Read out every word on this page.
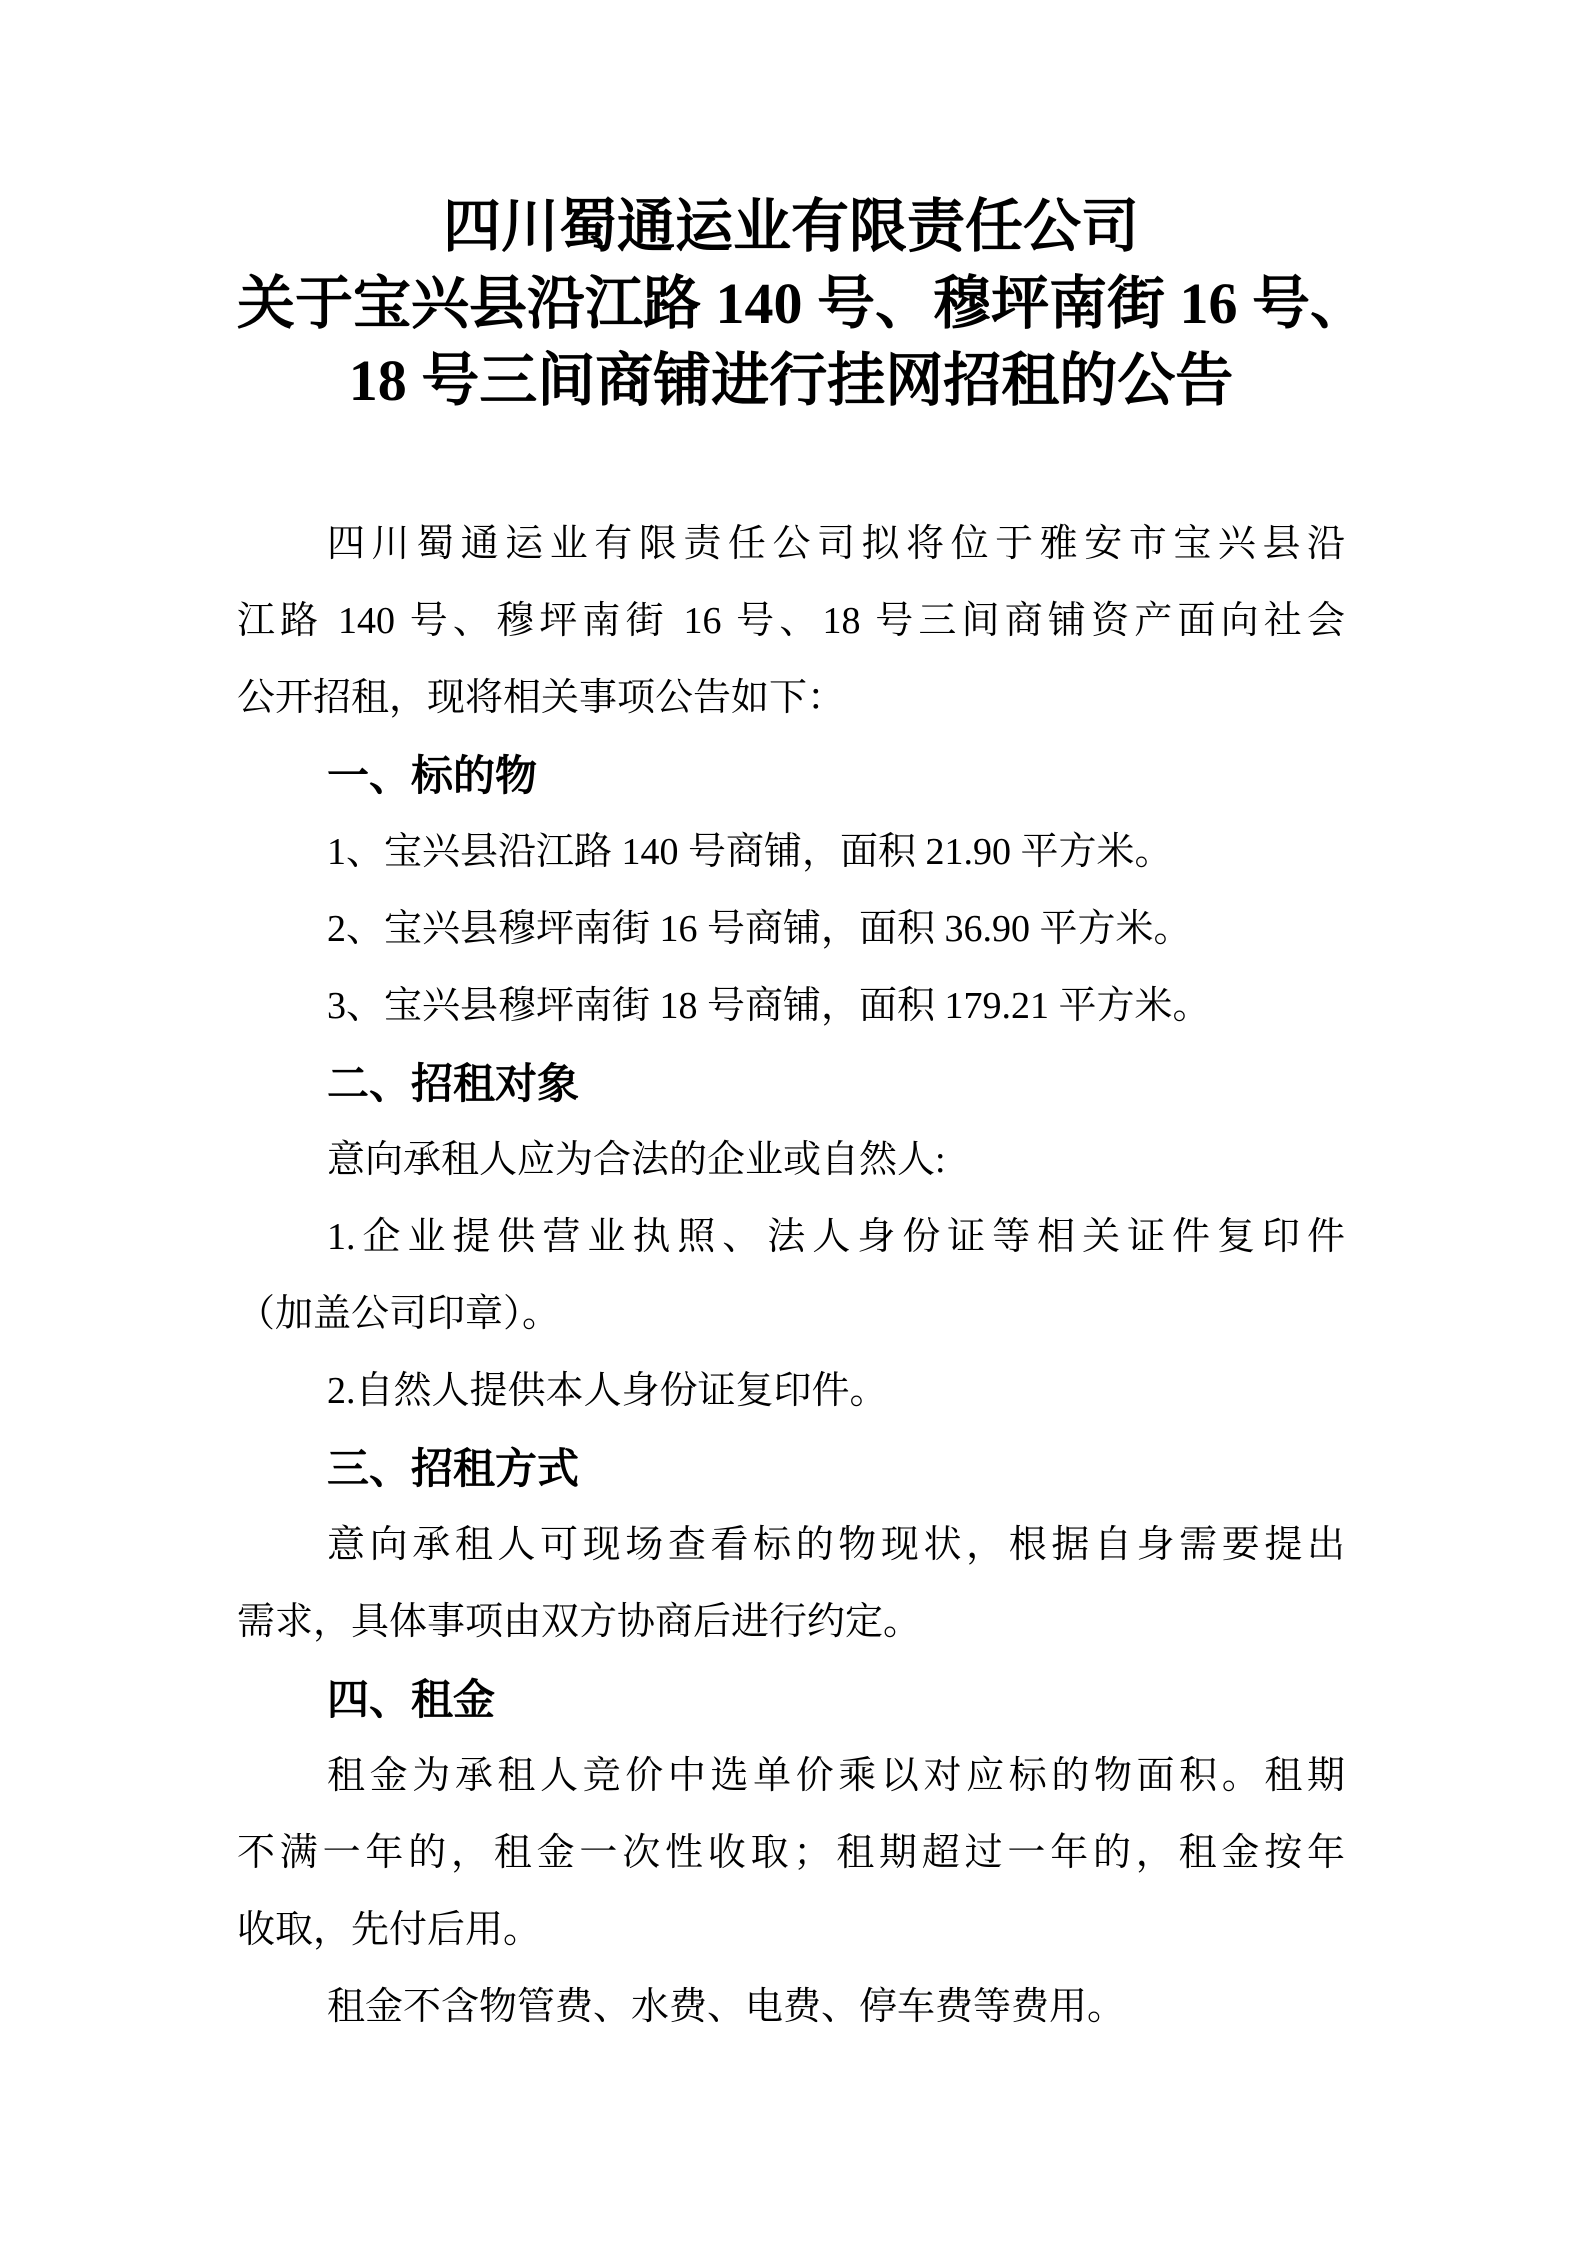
四川蜀通运业有限责任公司
关于宝兴县沿江路 140 号、穆坪南街 16 号、
18 号三间商铺进行挂网招租的公告

四川蜀通运业有限责任公司拟将位于雅安市宝兴县沿
江路 140 号、穆坪南街 16 号、18 号三间商铺资产面向社会
公开招租，现将相关事项公告如下：

一、标的物

1、宝兴县沿江路 140 号商铺，面积 21.90 平方米。

2、宝兴县穆坪南街 16 号商铺，面积 36.90 平方米。

3、宝兴县穆坪南街 18 号商铺，面积 179.21 平方米。

二、招租对象

意向承租人应为合法的企业或自然人:

1.企业提供营业执照、法人身份证等相关证件复印件
（加盖公司印章）。

2.自然人提供本人身份证复印件。

三、招租方式

意向承租人可现场查看标的物现状，根据自身需要提出
需求，具体事项由双方协商后进行约定。

四、租金

租金为承租人竞价中选单价乘以对应标的物面积。租期
不满一年的，租金一次性收取；租期超过一年的，租金按年
收取，先付后用。

租金不含物管费、水费、电费、停车费等费用。
